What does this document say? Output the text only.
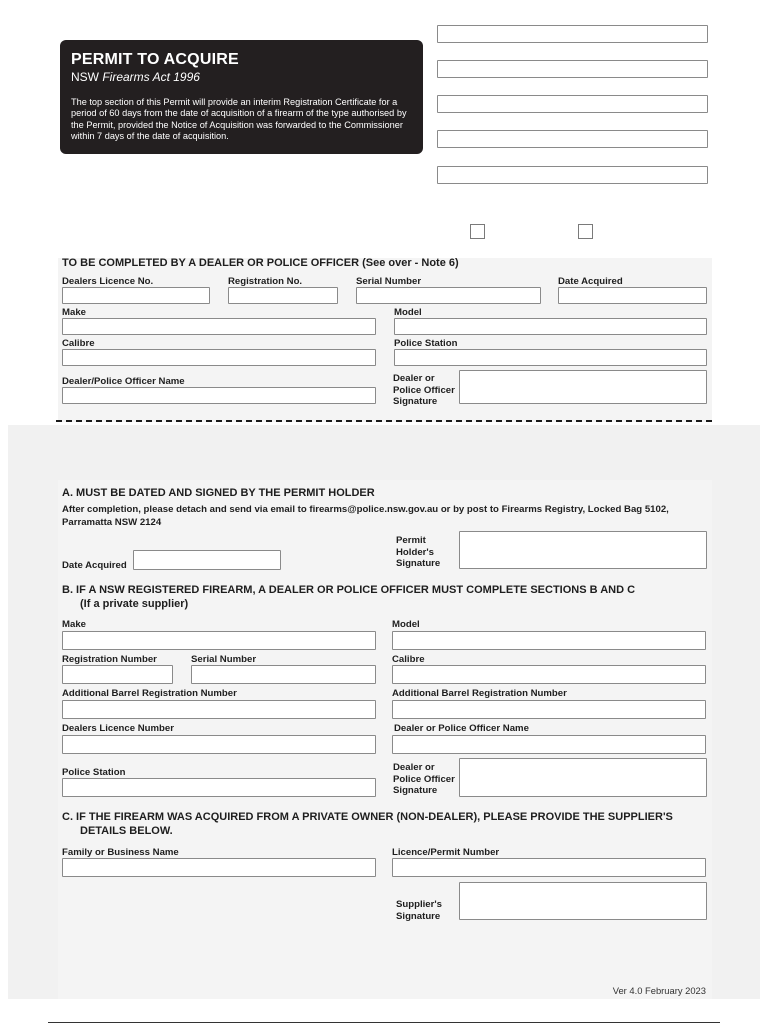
PERMIT TO ACQUIRE
NSW Firearms Act 1996
The top section of this Permit will provide an interim Registration Certificate for a period of 60 days from the date of acquisition of a firearm of the type authorised by the Permit, provided the Notice of Acquisition was forwarded to the Commissioner within 7 days of the date of acquisition.
TO BE COMPLETED BY A DEALER OR POLICE OFFICER (See over - Note 6)
Dealers Licence No.	Registration No.	Serial Number	Date Acquired
Make	Model
Calibre	Police Station
Dealer/Police Officer Name	Dealer or Police Officer Signature
A. MUST BE DATED AND SIGNED BY THE PERMIT HOLDER
After completion, please detach and send via email to firearms@police.nsw.gov.au or by post to Firearms Registry, Locked Bag 5102, Parramatta NSW 2124
Date Acquired
Permit Holder's Signature
B. IF A NSW REGISTERED FIREARM, A DEALER OR POLICE OFFICER MUST COMPLETE SECTIONS B AND C
(If a private supplier)
Make	Model
Registration Number	Serial Number	Calibre
Additional Barrel Registration Number	Additional Barrel Registration Number
Dealers Licence Number	Dealer or Police Officer Name
Police Station	Dealer or Police Officer Signature
C. IF THE FIREARM WAS ACQUIRED FROM A PRIVATE OWNER (NON-DEALER), PLEASE PROVIDE THE SUPPLIER'S
DETAILS BELOW.
Family or Business Name	Licence/Permit Number
Supplier's Signature
Ver 4.0 February 2023
